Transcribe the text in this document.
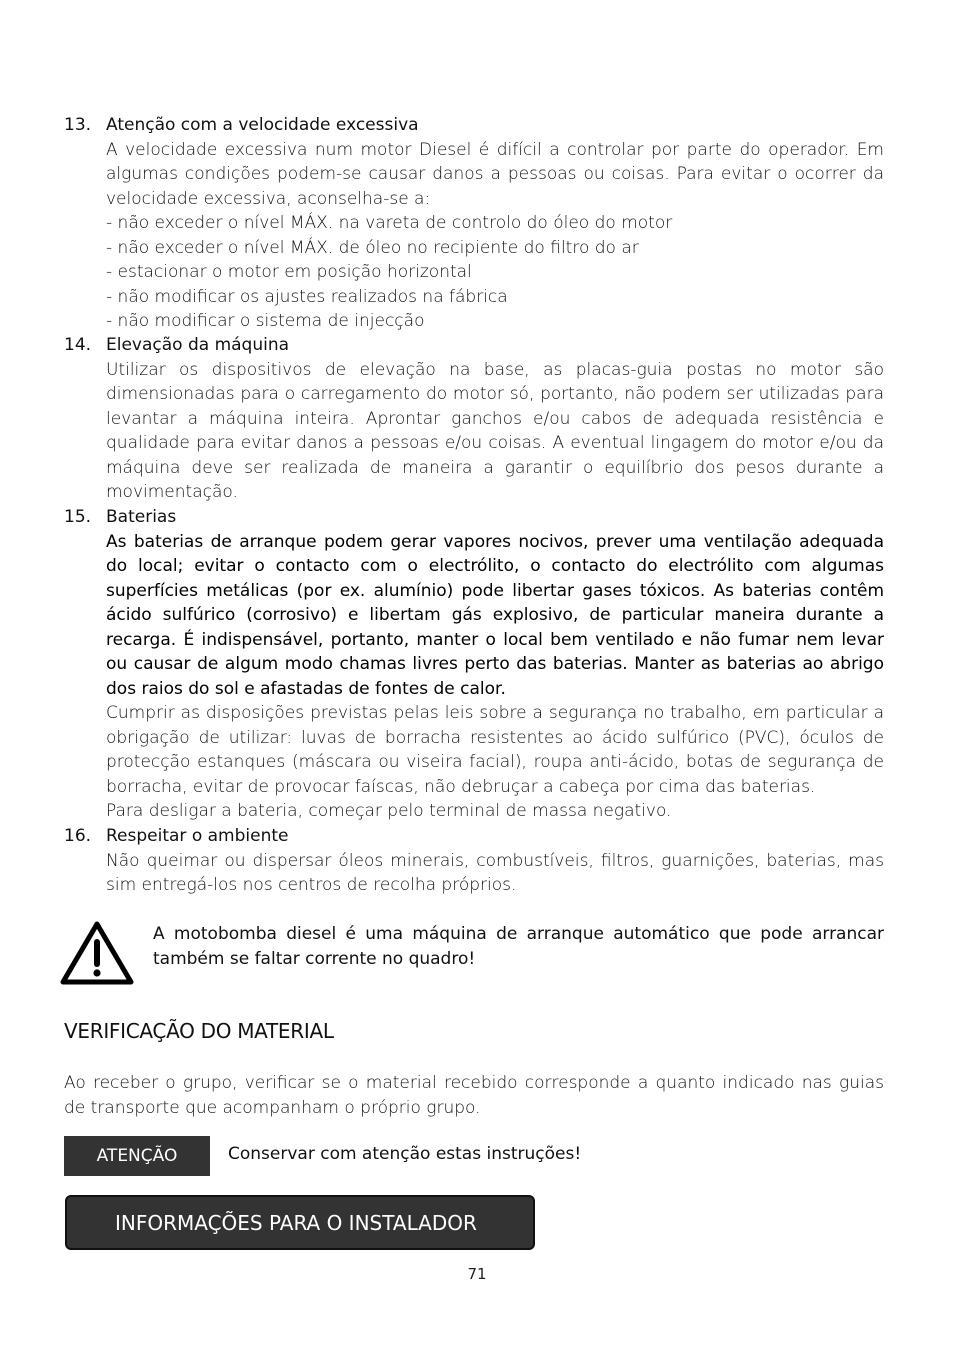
13. Atenção com a velocidade excessiva
A velocidade excessiva num motor Diesel é difícil a controlar por parte do operador. Em algumas condições podem-se causar danos a pessoas ou coisas. Para evitar o ocorrer da velocidade excessiva, aconselha-se a:
- não exceder o nível MÁX. na vareta de controlo do óleo do motor
- não exceder o nível MÁX. de óleo no recipiente do filtro do ar
- estacionar o motor em posição horizontal
- não modificar os ajustes realizados na fábrica
- não modificar o sistema de injecção
14. Elevação da máquina
Utilizar os dispositivos de elevação na base, as placas-guia postas no motor são dimensionadas para o carregamento do motor só, portanto, não podem ser utilizadas para levantar a máquina inteira. Aprontar ganchos e/ou cabos de adequada resistência e qualidade para evitar danos a pessoas e/ou coisas. A eventual lingagem do motor e/ou da máquina deve ser realizada de maneira a garantir o equilíbrio dos pesos durante a movimentação.
15. Baterias
As baterias de arranque podem gerar vapores nocivos, prever uma ventilação adequada do local; evitar o contacto com o electrólito, o contacto do electrólito com algumas superfícies metálicas (por ex. alumínio) pode libertar gases tóxicos. As baterias contêm ácido sulfúrico (corrosivo) e libertam gás explosivo, de particular maneira durante a recarga. É indispensável, portanto, manter o local bem ventilado e não fumar nem levar ou causar de algum modo chamas livres perto das baterias. Manter as baterias ao abrigo dos raios do sol e afastadas de fontes de calor.
Cumprir as disposições previstas pelas leis sobre a segurança no trabalho, em particular a obrigação de utilizar: luvas de borracha resistentes ao ácido sulfúrico (PVC), óculos de protecção estanques (máscara ou viseira facial), roupa anti-ácido, botas de segurança de borracha, evitar de provocar faíscas, não debruçar a cabeça por cima das baterias.
Para desligar a bateria, começar pelo terminal de massa negativo.
16. Respeitar o ambiente
Não queimar ou dispersar óleos minerais, combustíveis, filtros, guarnições, baterias, mas sim entregá-los nos centros de recolha próprios.
A motobomba diesel é uma máquina de arranque automático que pode arrancar também se faltar corrente no quadro!
VERIFICAÇÃO DO MATERIAL
Ao receber o grupo, verificar se o material recebido corresponde a quanto indicado nas guias de transporte que acompanham o próprio grupo.
ATENÇÃO	Conservar com atenção estas instruções!
INFORMAÇÕES PARA O INSTALADOR
71
